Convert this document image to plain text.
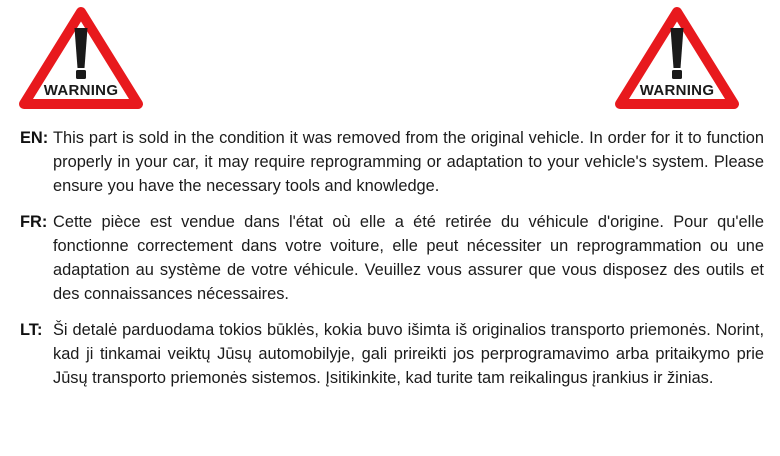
WARNING	WARNING
EN: This part is sold in the condition it was removed from the original vehicle. In order for it to function properly in your car, it may require reprogramming or adaptation to your vehicle's system. Please ensure you have the necessary tools and knowledge.
FR: Cette pièce est vendue dans l'état où elle a été retirée du véhicule d'origine. Pour qu'elle fonctionne correctement dans votre voiture, elle peut nécessiter un reprogrammation ou une adaptation au système de votre véhicule. Veuillez vous assurer que vous disposez des outils et des connaissances nécessaires.
LT: Ši detalė parduodama tokios būklės, kokia buvo išimta iš originalios transporto priemonės. Norint, kad ji tinkamai veiktų Jūsų automobilyje, gali prireikti jos perprogramavimo arba pritaikymo prie Jūsų transporto priemonės sistemos. Įsitikinkite, kad turite tam reikalingus įrankius ir žinias.
